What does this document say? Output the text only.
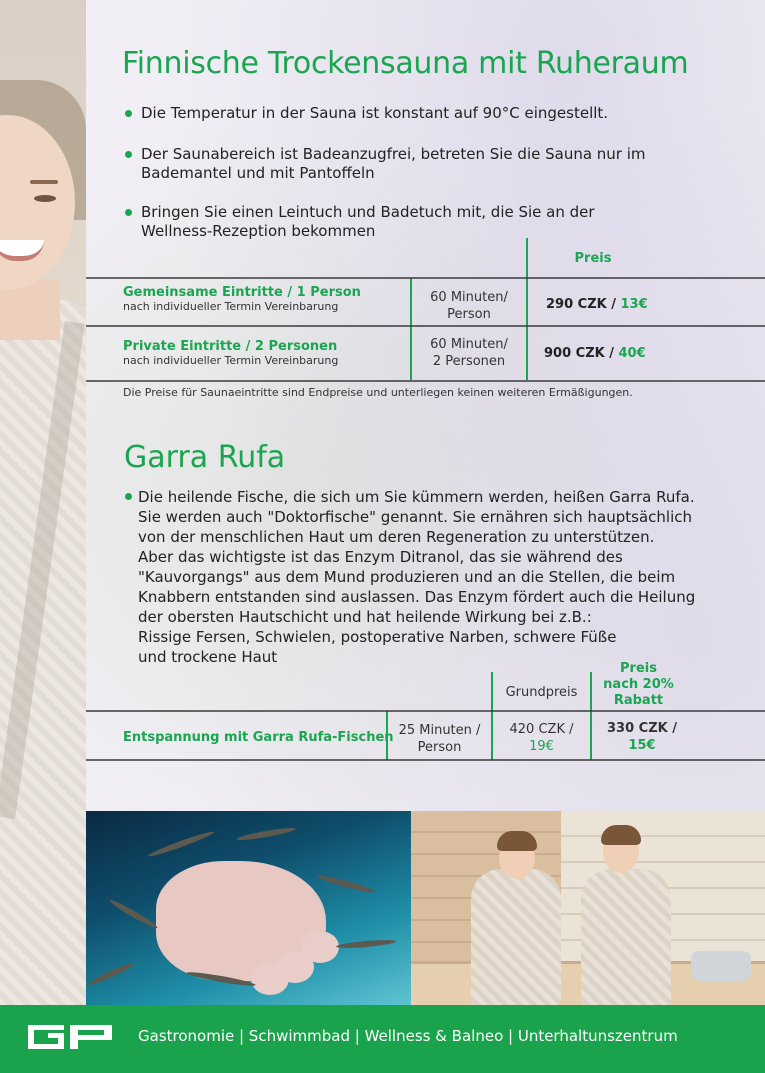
Finnische Trockensauna mit Ruheraum
Die Temperatur in der Sauna ist konstant auf 90°C eingestellt.
Der Saunabereich ist Badeanzugfrei, betreten Sie die Sauna nur im Bademantel und mit Pantoffeln
Bringen Sie einen Leintuch und Badetuch mit, die Sie an der Wellness-Rezeption bekommen
Preis
Gemeinsame Eintritte / 1 Person
nach individueller Termin Vereinbarung
60 Minuten/
Person
290 CZK / 13€
Private Eintritte / 2 Personen
nach individueller Termin Vereinbarung
60 Minuten/
2 Personen
900 CZK / 40€
Die Preise für Saunaeintritte sind Endpreise und unterliegen keinen weiteren Ermäßigungen.
Garra Rufa
Die heilende Fische, die sich um Sie kümmern werden, heißen Garra Rufa.
Sie werden auch "Doktorfische" genannt. Sie ernähren sich hauptsächlich
von der menschlichen Haut um deren Regeneration zu unterstützen.
Aber das wichtigste ist das Enzym Ditranol, das sie während des
"Kauvorgangs" aus dem Mund produzieren und an die Stellen, die beim
Knabbern entstanden sind auslassen. Das Enzym fördert auch die Heilung
der obersten Hautschicht und hat heilende Wirkung bei z.B.:
Rissige Fersen, Schwielen, postoperative Narben, schwere Füße
und trockene Haut
Grundpreis
Preis
nach 20%
Rabatt
Entspannung mit Garra Rufa-Fischen 25 Minuten /
Person
420 CZK /
19€
330 CZK /
15€
Gastronomie | Schwimmbad | Wellness & Balneo | Unterhaltunszentrum
